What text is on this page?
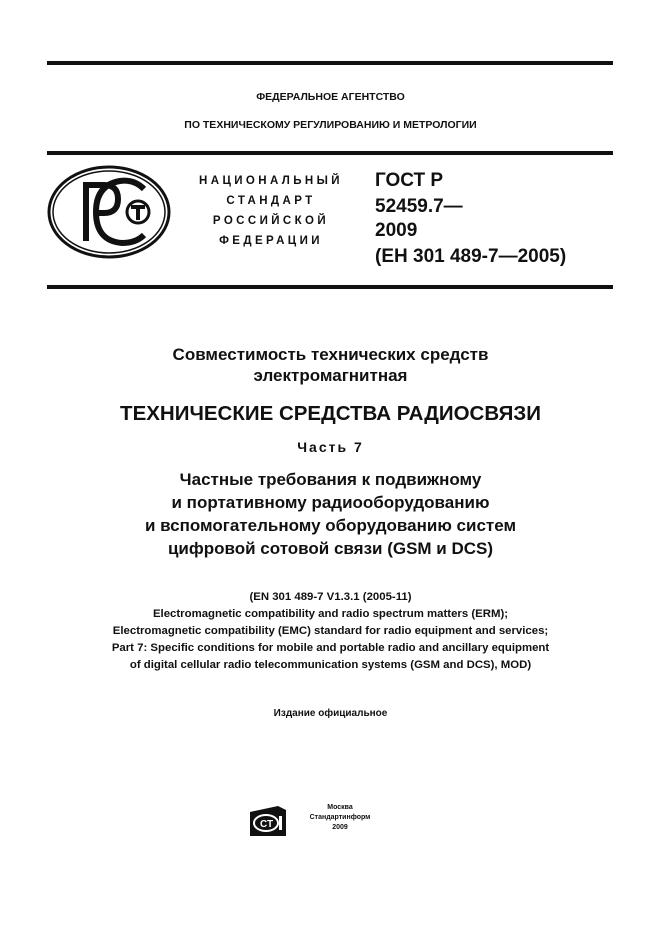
ФЕДЕРАЛЬНОЕ АГЕНТСТВО
ПО ТЕХНИЧЕСКОМУ РЕГУЛИРОВАНИЮ И МЕТРОЛОГИИ
НАЦИОНАЛЬНЫЙ
СТАНДАРТ
РОССИЙСКОЙ
ФЕДЕРАЦИИ
ГОСТ Р
52459.7—
2009
(ЕН 301 489-7—2005)
Совместимость технических средств
электромагнитная
ТЕХНИЧЕСКИЕ СРЕДСТВА РАДИОСВЯЗИ
Часть 7
Частные требования к подвижному
и портативному радиооборудованию
и вспомогательному оборудованию систем
цифровой сотовой связи (GSM и DCS)
(EN 301 489-7 V1.3.1 (2005-11)
Electromagnetic compatibility and radio spectrum matters (ERM);
Electromagnetic compatibility (EMC) standard for radio equipment and services;
Part 7: Specific conditions for mobile and portable radio and ancillary equipment
of digital cellular radio telecommunication systems (GSM and DCS), MOD)
Издание официальное
СТ
Москва
Стандартинформ
2009
